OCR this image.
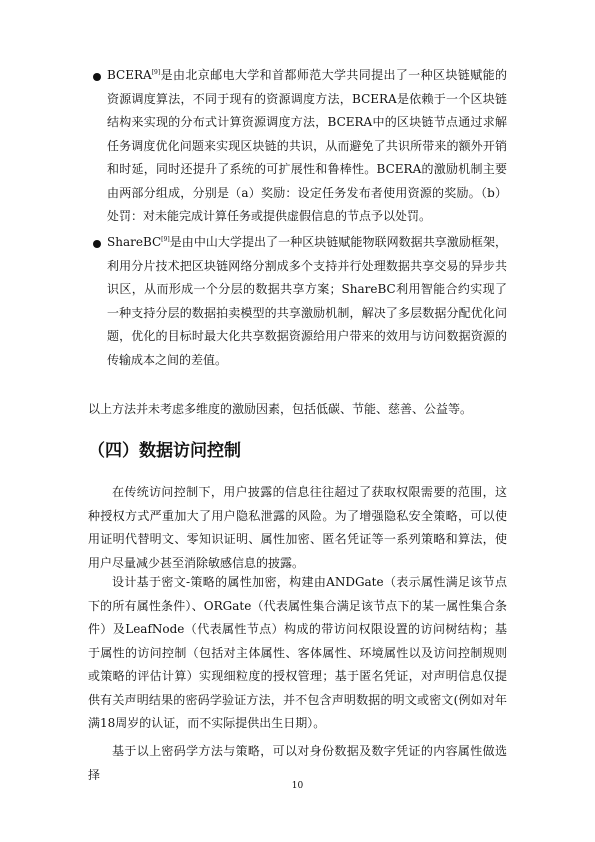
BCERA[9]是由北京邮电大学和首都师范大学共同提出了一种区块链赋能的资源调度算法，不同于现有的资源调度方法，BCERA是依赖于一个区块链结构来实现的分布式计算资源调度方法，BCERA中的区块链节点通过求解任务调度优化问题来实现区块链的共识，从而避免了共识所带来的额外开销和时延，同时还提升了系统的可扩展性和鲁棒性。BCERA的激励机制主要由两部分组成，分别是（a）奖励：设定任务发布者使用资源的奖励。（b）处罚：对未能完成计算任务或提供虚假信息的节点予以处罚。
ShareBC[9]是由中山大学提出了一种区块链赋能物联网数据共享激励框架，利用分片技术把区块链网络分割成多个支持并行处理数据共享交易的异步共识区，从而形成一个分层的数据共享方案；ShareBC利用智能合约实现了一种支持分层的数据拍卖模型的共享激励机制，解决了多层数据分配优化问题，优化的目标时最大化共享数据资源给用户带来的效用与访问数据资源的传输成本之间的差值。
以上方法并未考虑多维度的激励因素，包括低碳、节能、慈善、公益等。
（四）数据访问控制
在传统访问控制下，用户披露的信息往往超过了获取权限需要的范围，这种授权方式严重加大了用户隐私泄露的风险。为了增强隐私安全策略，可以使用证明代替明文、零知识证明、属性加密、匿名凭证等一系列策略和算法，使用户尽量减少甚至消除敏感信息的披露。
设计基于密文-策略的属性加密，构建由ANDGate（表示属性满足该节点下的所有属性条件）、ORGate（代表属性集合满足该节点下的某一属性集合条件）及LeafNode（代表属性节点）构成的带访问权限设置的访问树结构；基于属性的访问控制（包括对主体属性、客体属性、环境属性以及访问控制规则或策略的评估计算）实现细粒度的授权管理；基于匿名凭证，对声明信息仅提供有关声明结果的密码学验证方法，并不包含声明数据的明文或密文(例如对年满18周岁的认证，而不实际提供出生日期）。
基于以上密码学方法与策略，可以对身份数据及数字凭证的内容属性做选择
10
